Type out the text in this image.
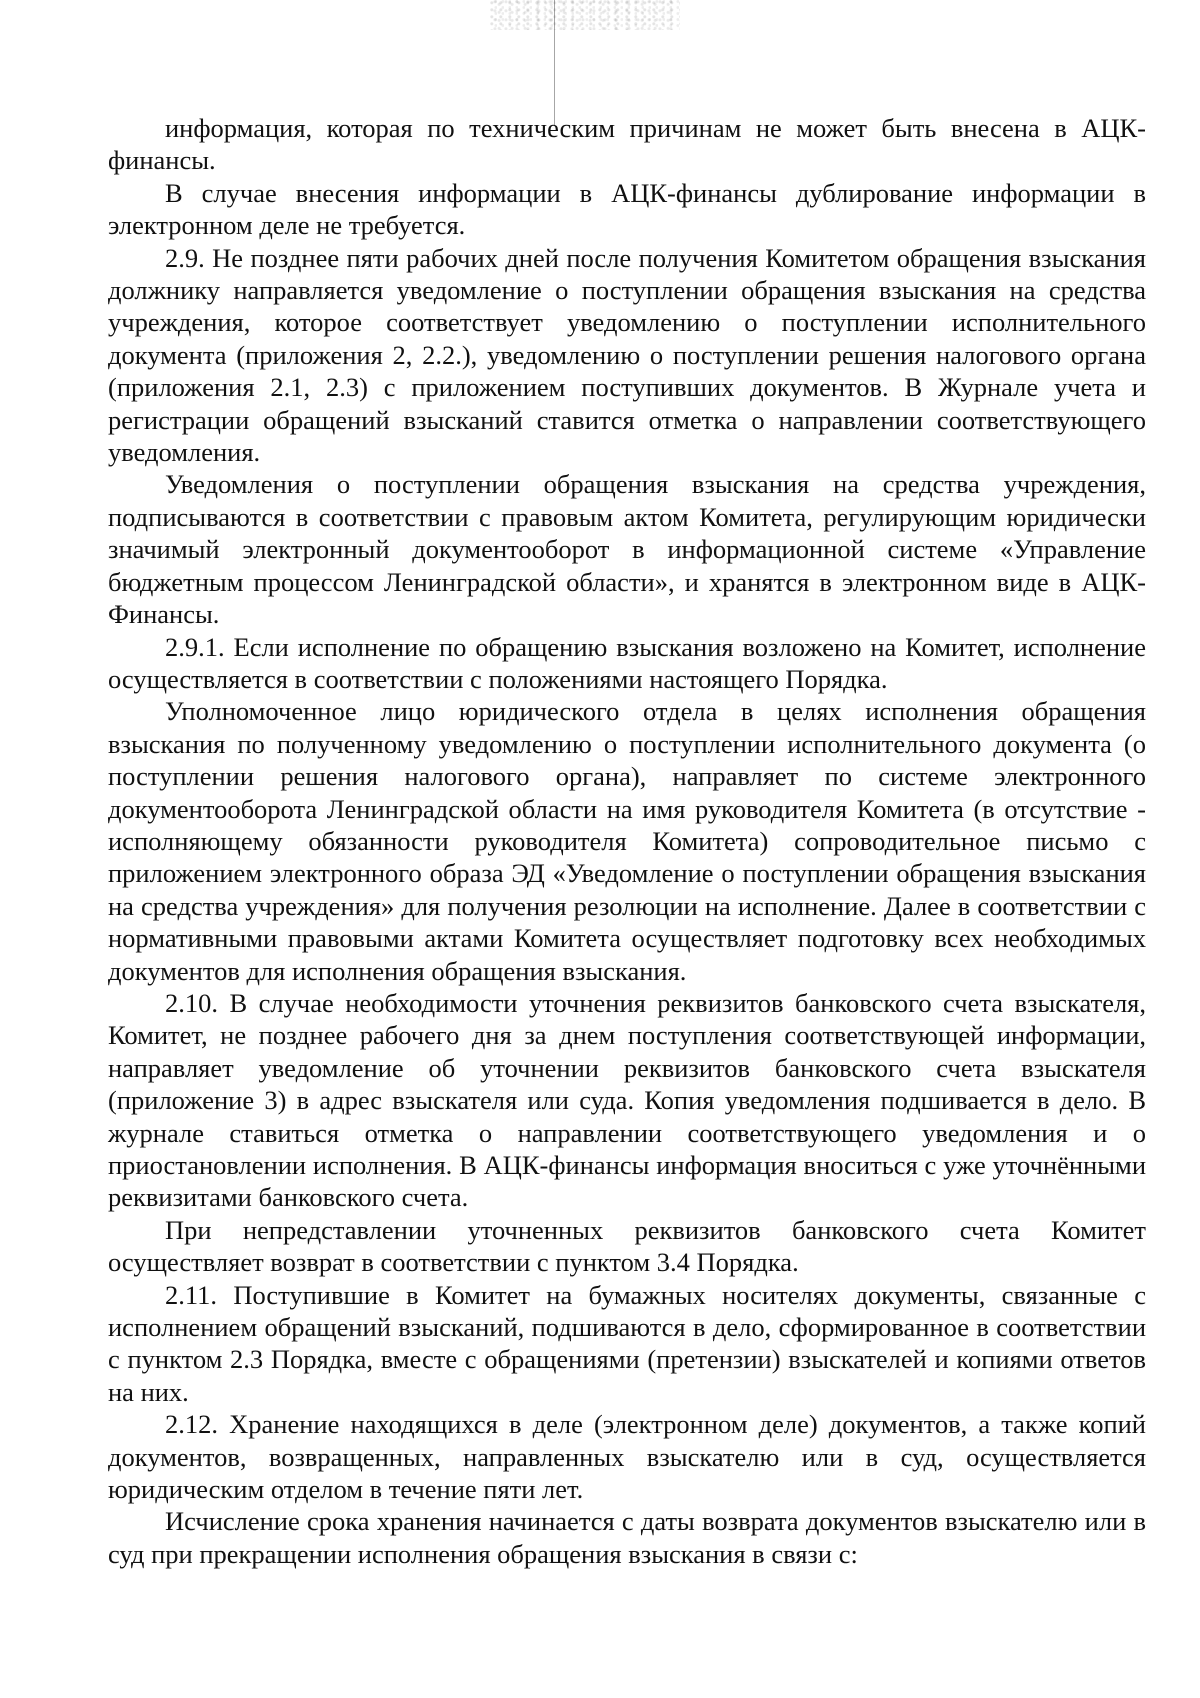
информация, которая по техническим причинам не может быть внесена в АЦК-финансы.

В случае внесения информации в АЦК-финансы дублирование информации в электронном деле не требуется.

2.9. Не позднее пяти рабочих дней после получения Комитетом обращения взыскания должнику направляется уведомление о поступлении обращения взыскания на средства учреждения, которое соответствует уведомлению о поступлении исполнительного документа (приложения 2, 2.2.), уведомлению о поступлении решения налогового органа (приложения 2.1, 2.3) с приложением поступивших документов. В Журнале учета и регистрации обращений взысканий ставится отметка о направлении соответствующего уведомления.

Уведомления о поступлении обращения взыскания на средства учреждения, подписываются в соответствии с правовым актом Комитета, регулирующим юридически значимый электронный документооборот в информационной системе «Управление бюджетным процессом Ленинградской области», и хранятся в электронном виде в АЦК-Финансы.

2.9.1. Если исполнение по обращению взыскания возложено на Комитет, исполнение осуществляется в соответствии с положениями настоящего Порядка.

Уполномоченное лицо юридического отдела в целях исполнения обращения взыскания по полученному уведомлению о поступлении исполнительного документа (о поступлении решения налогового органа), направляет по системе электронного документооборота Ленинградской области на имя руководителя Комитета (в отсутствие - исполняющему обязанности руководителя Комитета) сопроводительное письмо с приложением электронного образа ЭД «Уведомление о поступлении обращения взыскания на средства учреждения» для получения резолюции на исполнение. Далее в соответствии с нормативными правовыми актами Комитета осуществляет подготовку всех необходимых документов для исполнения обращения взыскания.

2.10. В случае необходимости уточнения реквизитов банковского счета взыскателя, Комитет, не позднее рабочего дня за днем поступления соответствующей информации, направляет уведомление об уточнении реквизитов банковского счета взыскателя (приложение 3) в адрес взыскателя или суда. Копия уведомления подшивается в дело. В журнале ставиться отметка о направлении соответствующего уведомления и о приостановлении исполнения. В АЦК-финансы информация вноситься с уже уточнёнными реквизитами банковского счета.

При непредставлении уточненных реквизитов банковского счета Комитет осуществляет возврат в соответствии с пунктом 3.4 Порядка.

2.11. Поступившие в Комитет на бумажных носителях документы, связанные с исполнением обращений взысканий, подшиваются в дело, сформированное в соответствии с пунктом 2.3 Порядка, вместе с обращениями (претензии) взыскателей и копиями ответов на них.

2.12. Хранение находящихся в деле (электронном деле) документов, а также копий документов, возвращенных, направленных взыскателю или в суд, осуществляется юридическим отделом в течение пяти лет.

Исчисление срока хранения начинается с даты возврата документов взыскателю или в суд при прекращении исполнения обращения взыскания в связи с:
